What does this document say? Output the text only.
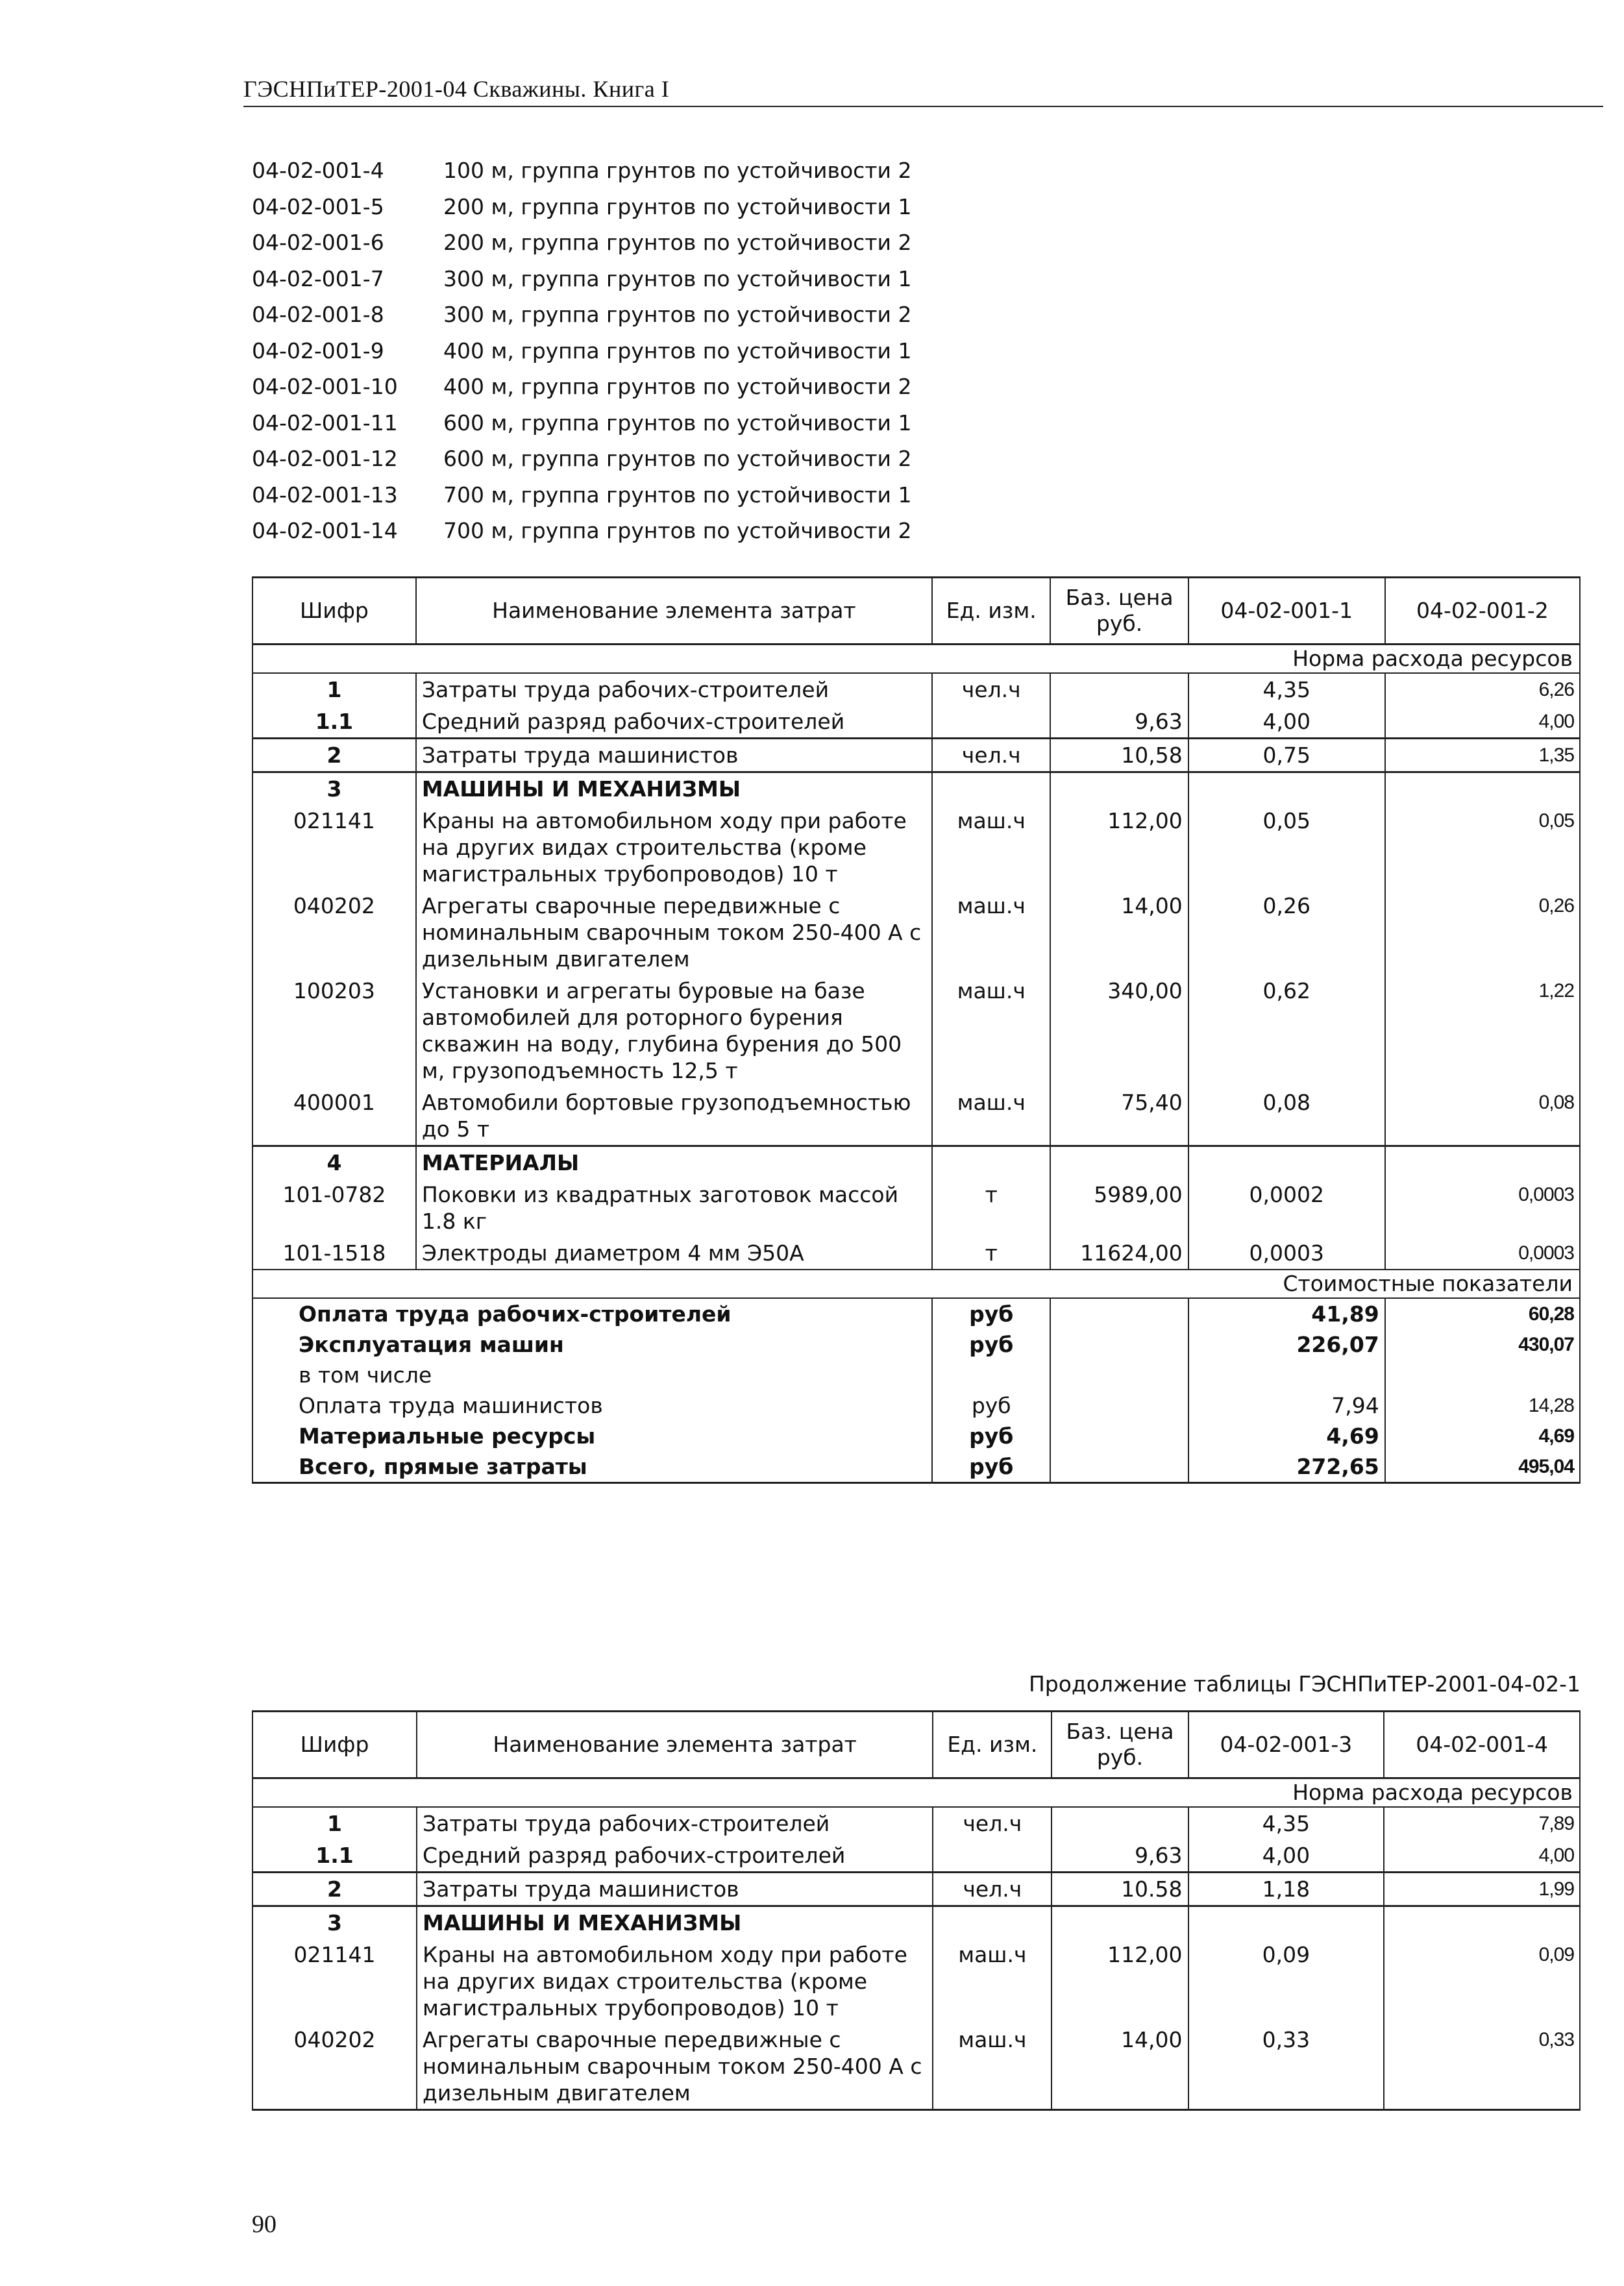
ГЭСНПиТЕР-2001-04 Скважины. Книга I
04-02-001-4	100 м, группа грунтов по устойчивости 2
04-02-001-5	200 м, группа грунтов по устойчивости 1
04-02-001-6	200 м, группа грунтов по устойчивости 2
04-02-001-7	300 м, группа грунтов по устойчивости 1
04-02-001-8	300 м, группа грунтов по устойчивости 2
04-02-001-9	400 м, группа грунтов по устойчивости 1
04-02-001-10	400 м, группа грунтов по устойчивости 2
04-02-001-11	600 м, группа грунтов по устойчивости 1
04-02-001-12	600 м, группа грунтов по устойчивости 2
04-02-001-13	700 м, группа грунтов по устойчивости 1
04-02-001-14	700 м, группа грунтов по устойчивости 2
Шифр	Наименование элемента затрат	Ед. изм.	Баз. цена руб.	04-02-001-1	04-02-001-2
Норма расхода ресурсов					
1	Затраты труда рабочих-строителей	чел.ч		4,35	6,26
1.1	Средний разряд рабочих-строителей		9,63	4,00	4,00
2	Затраты труда машинистов	чел.ч	10,58	0,75	1,35
3	МАШИНЫ И МЕХАНИЗМЫ				
021141	Краны на автомобильном ходу при работе на других видах строительства (кроме магистральных трубопроводов) 10 т	маш.ч	112,00	0,05	0,05
040202	Агрегаты сварочные передвижные с номинальным сварочным током 250-400 А с дизельным двигателем	маш.ч	14,00	0,26	0,26
100203	Установки и агрегаты буровые на базе автомобилей для роторного бурения скважин на воду, глубина бурения до 500 м, грузоподъемность 12,5 т	маш.ч	340,00	0,62	1,22
400001	Автомобили бортовые грузоподъемностью до 5 т	маш.ч	75,40	0,08	0,08
4	МАТЕРИАЛЫ				
101-0782	Поковки из квадратных заготовок массой 1.8 кг	т	5989,00	0,0002	0,0003
101-1518	Электроды диаметром 4 мм Э50А	т	11624,00	0,0003	0,0003
Стоимостные показатели					
Оплата труда рабочих-строителей		руб		41,89	60,28
Эксплуатация машин		руб		226,07	430,07
в том числе					
Оплата труда машинистов		руб		7,94	14,28
Материальные ресурсы		руб		4,69	4,69
Всего, прямые затраты		руб		272,65	495,04
Продолжение таблицы ГЭСНПиТЕР-2001-04-02-1
Шифр	Наименование элемента затрат	Ед. изм.	Баз. цена руб.	04-02-001-3	04-02-001-4
Норма расхода ресурсов					
1	Затраты труда рабочих-строителей	чел.ч		4,35	7,89
1.1	Средний разряд рабочих-строителей		9,63	4,00	4,00
2	Затраты труда машинистов	чел.ч	10.58	1,18	1,99
3	МАШИНЫ И МЕХАНИЗМЫ				
021141	Краны на автомобильном ходу при работе на других видах строительства (кроме магистральных трубопроводов) 10 т	маш.ч	112,00	0,09	0,09
040202	Агрегаты сварочные передвижные с номинальным сварочным током 250-400 А с дизельным двигателем	маш.ч	14,00	0,33	0,33
90
